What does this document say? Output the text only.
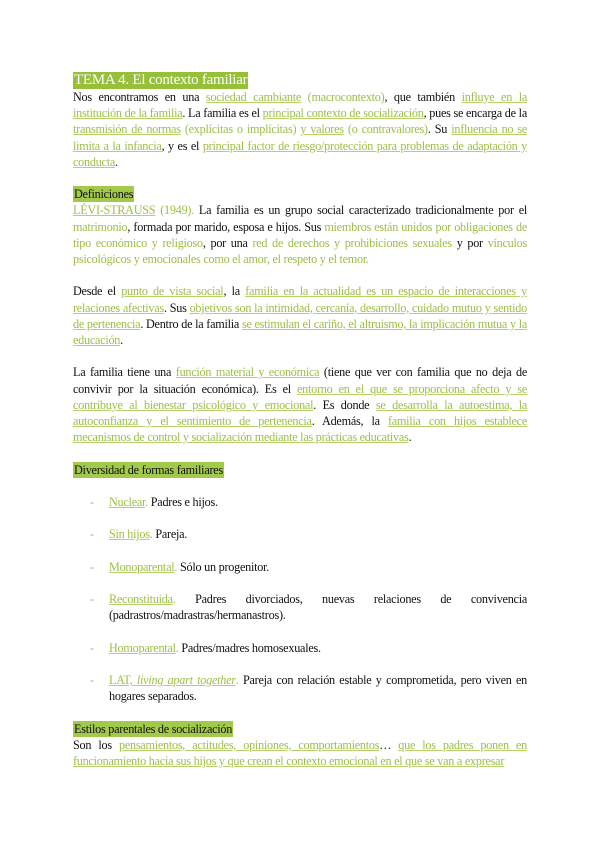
TEMA 4. El contexto familiar

Nos encontramos en una sociedad cambiante (macrocontexto), que también influye en la institución de la familia. La familia es el principal contexto de socialización, pues se encarga de la transmisión de normas (explícitas o implícitas) y valores (o contravalores). Su influencia no se limita a la infancia, y es el principal factor de riesgo/protección para problemas de adaptación y conducta.

Definiciones

LÉVI-STRAUSS (1949). La familia es un grupo social caracterizado tradicionalmente por el matrimonio, formada por marido, esposa e hijos. Sus miembros están unidos por obligaciones de tipo económico y religioso, por una red de derechos y prohibiciones sexuales y por vínculos psicológicos y emocionales como el amor, el respeto y el temor.

Desde el punto de vista social, la familia en la actualidad es un espacio de interacciones y relaciones afectivas. Sus objetivos son la intimidad, cercanía, desarrollo, cuidado mutuo y sentido de pertenencia. Dentro de la familia se estimulan el cariño, el altruismo, la implicación mutua y la educación.

La familia tiene una función material y económica (tiene que ver con familia que no deja de convivir por la situación económica). Es el entorno en el que se proporciona afecto y se contribuye al bienestar psicológico y emocional. Es donde se desarrolla la autoestima, la autoconfianza y el sentimiento de pertenencia. Además, la familia con hijos establece mecanismos de control y socialización mediante las prácticas educativas.

Diversidad de formas familiares
- Nuclear. Padres e hijos.
- Sin hijos. Pareja.
- Monoparental. Sólo un progenitor.
- Reconstituida. Padres divorciados, nuevas relaciones de convivencia (padrastros/madrastras/hermanastros).
- Homoparental. Padres/madres homosexuales.
- LAT, living apart together. Pareja con relación estable y comprometida, pero viven en hogares separados.
Estilos parentales de socialización

Son los pensamientos, actitudes, opiniones, comportamientos… que los padres ponen en funcionamiento hacia sus hijos y que crean el contexto emocional en el que se van a expresar
